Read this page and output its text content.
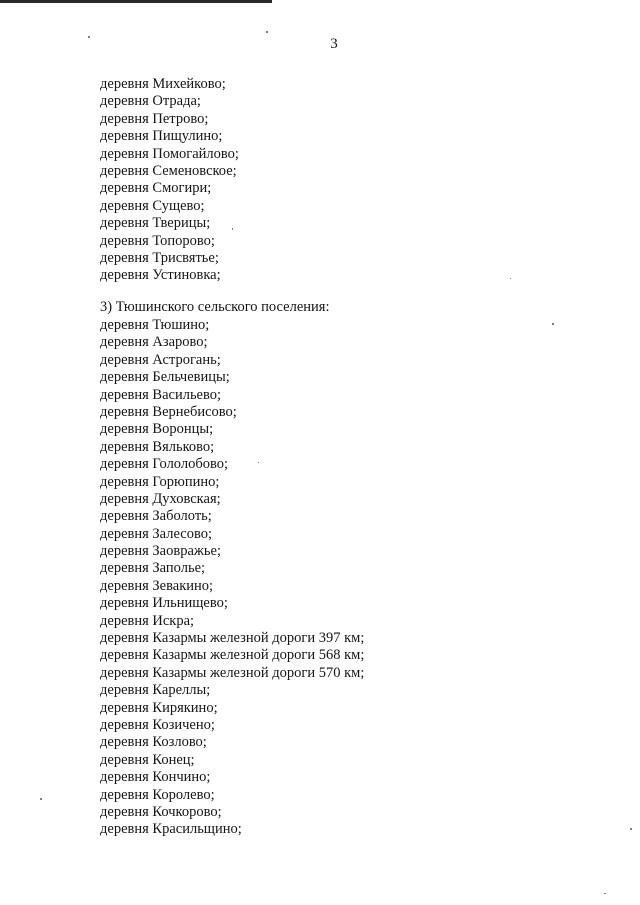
3
деревня Михейково;
деревня Отрада;
деревня Петрово;
деревня Пищулино;
деревня Помогайлово;
деревня Семеновское;
деревня Смогири;
деревня Сущево;
деревня Тверицы;
деревня Топорово;
деревня Трисвятье;
деревня Устиновка;
3) Тюшинского сельского поселения:
деревня Тюшино;
деревня Азарово;
деревня Астрогань;
деревня Бельчевицы;
деревня Васильево;
деревня Вернебисово;
деревня Воронцы;
деревня Вяльково;
деревня Гололобово;
деревня Горюпино;
деревня Духовская;
деревня Заболоть;
деревня Залесово;
деревня Заовражье;
деревня Заполье;
деревня Зевакино;
деревня Ильнищево;
деревня Искра;
деревня Казармы железной дороги 397 км;
деревня Казармы железной дороги 568 км;
деревня Казармы железной дороги 570 км;
деревня Кареллы;
деревня Кирякино;
деревня Козичено;
деревня Козлово;
деревня Конец;
деревня Кончино;
деревня Королево;
деревня Кочкорово;
деревня Красильщино;
